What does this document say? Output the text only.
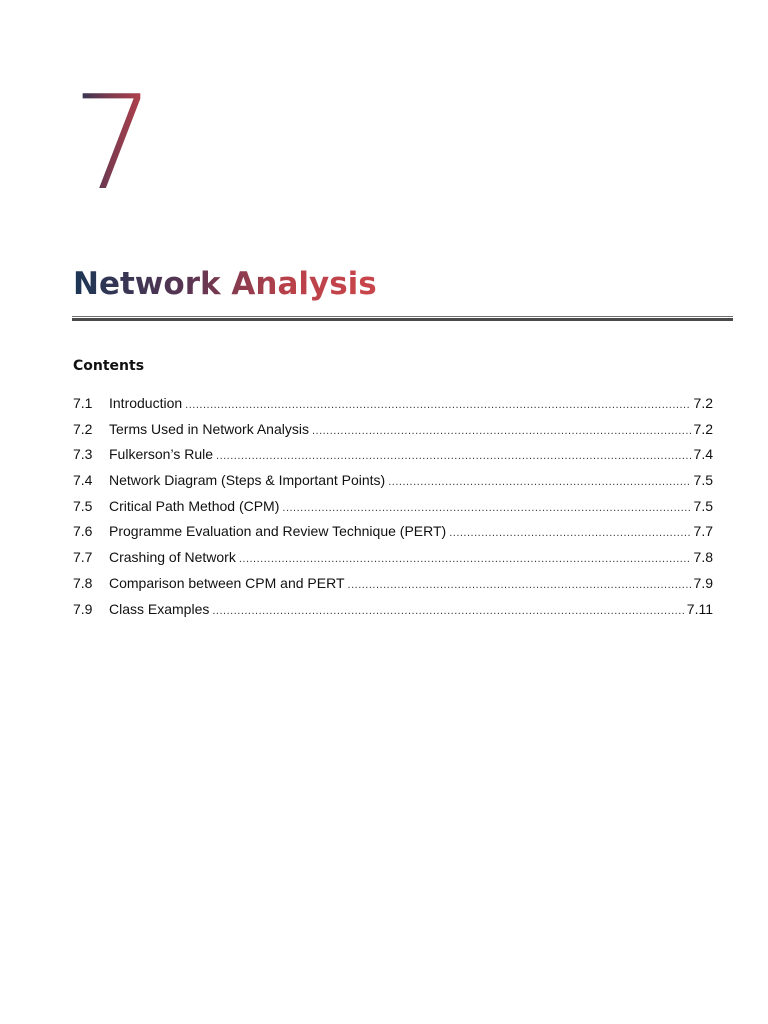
7
Network Analysis
Contents
7.1	Introduction .....	7.2
7.2	Terms Used in Network Analysis .....	7.2
7.3	Fulkerson’s Rule .....	7.4
7.4	Network Diagram (Steps & Important Points) .....	7.5
7.5	Critical Path Method (CPM) .....	7.5
7.6	Programme Evaluation and Review Technique (PERT) .....	7.7
7.7	Crashing of Network .....	7.8
7.8	Comparison between CPM and PERT .....	7.9
7.9	Class Examples .....	7.11
